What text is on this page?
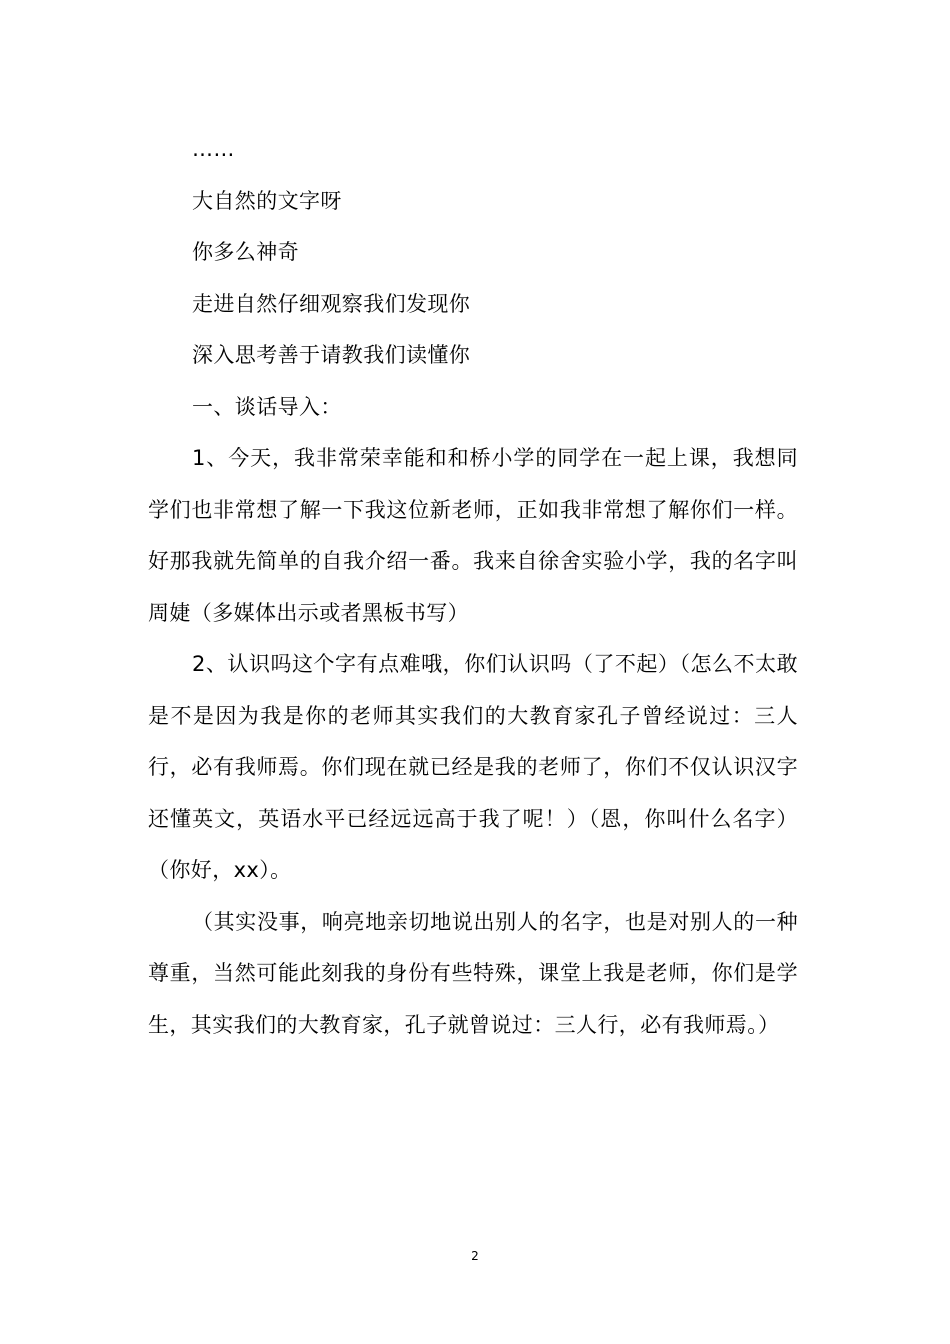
……

大自然的文字呀

你多么神奇

走进自然仔细观察我们发现你

深入思考善于请教我们读懂你

一、谈话导入：

1、今天，我非常荣幸能和和桥小学的同学在一起上课，我想同学们也非常想了解一下我这位新老师，正如我非常想了解你们一样。好那我就先简单的自我介绍一番。我来自徐舍实验小学，我的名字叫周婕（多媒体出示或者黑板书写）

2、认识吗这个字有点难哦，你们认识吗（了不起）（怎么不太敢是不是因为我是你的老师其实我们的大教育家孔子曾经说过：三人行，必有我师焉。你们现在就已经是我的老师了，你们不仅认识汉字还懂英文，英语水平已经远远高于我了呢！）（恩，你叫什么名字）（你好，xx）。

（其实没事，响亮地亲切地说出别人的名字，也是对别人的一种尊重，当然可能此刻我的身份有些特殊，课堂上我是老师，你们是学生，其实我们的大教育家，孔子就曾说过：三人行，必有我师焉。）

2
